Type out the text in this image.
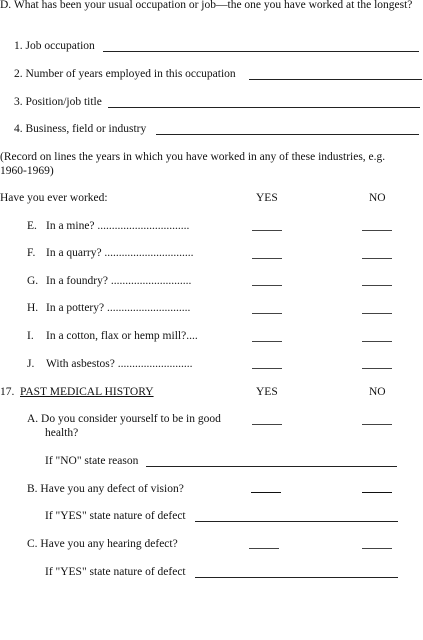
D. What has been your usual occupation or job—the one you have worked at the longest?
1. Job occupation
2. Number of years employed in this occupation
3. Position/job title
4. Business, field or industry
(Record on lines the years in which you have worked in any of these industries, e.g. 1960-1969)
Have you ever worked:	YES	NO
E. In a mine? ................................
F. In a quarry? ...............................
G. In a foundry? ............................
H. In a pottery? .............................
I. In a cotton, flax or hemp mill?....
J. With asbestos? ..........................
17. PAST MEDICAL HISTORY	YES	NO
A. Do you consider yourself to be in good health?
If "NO" state reason
B. Have you any defect of vision?
If "YES" state nature of defect
C. Have you any hearing defect?
If "YES" state nature of defect
